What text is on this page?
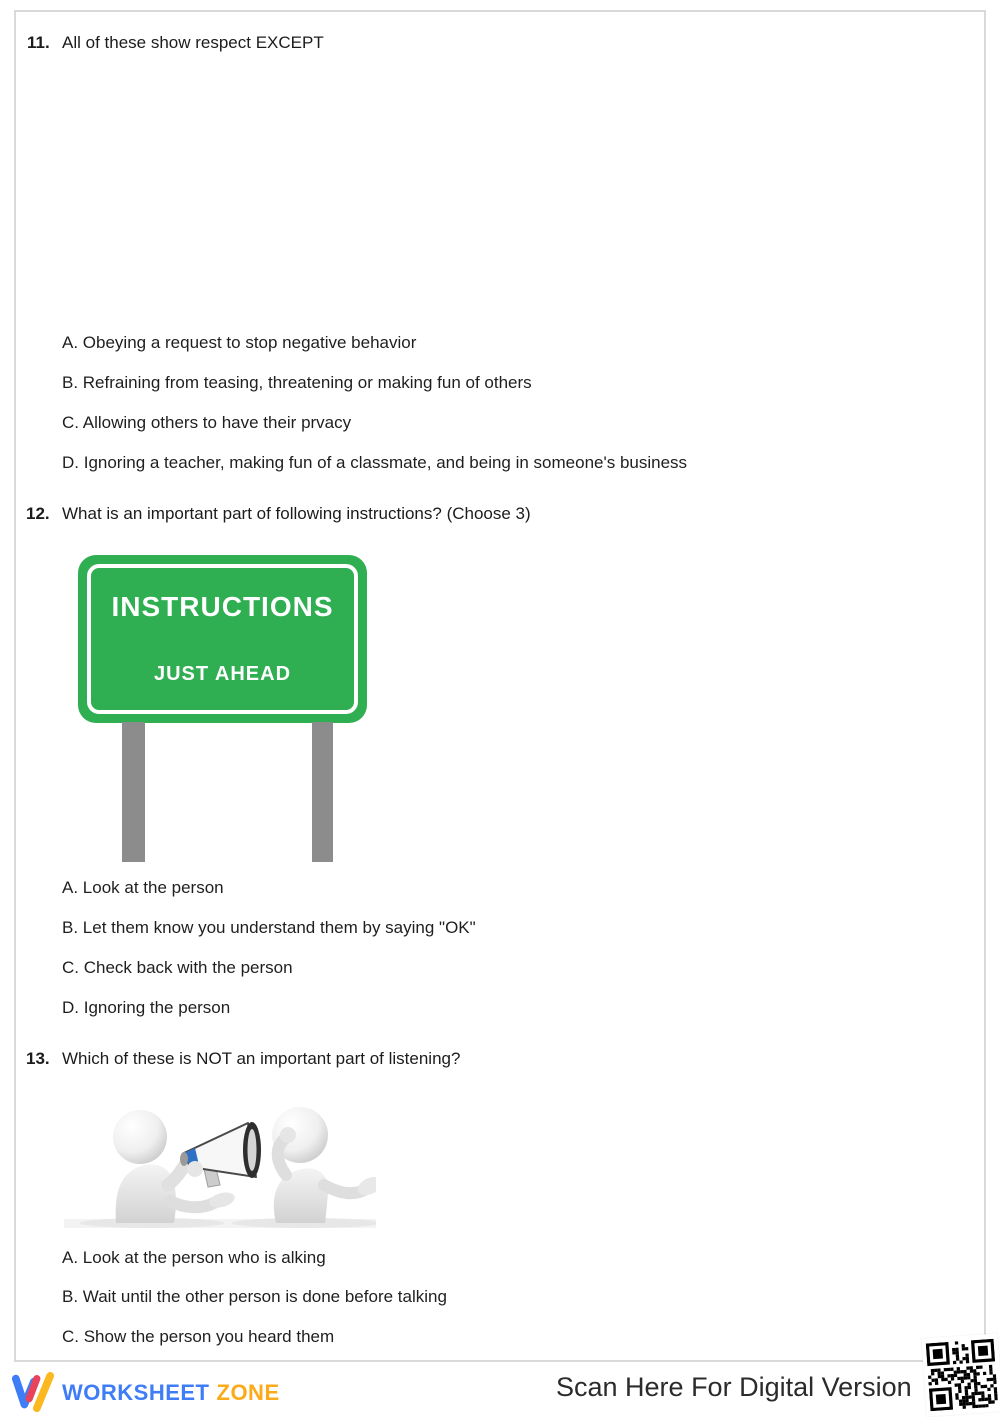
11. All of these show respect EXCEPT
A. Obeying a request to stop negative behavior
B. Refraining from teasing, threatening or making fun of others
C. Allowing others to have their prvacy
D. Ignoring a teacher, making fun of a classmate, and being in someone's business
12. What is an important part of following instructions? (Choose 3)
INSTRUCTIONS
JUST AHEAD
A. Look at the person
B. Let them know you understand them by saying "OK"
C. Check back with the person
D. Ignoring the person
13. Which of these is NOT an important part of listening?
A. Look at the person who is alking
B. Wait until the other person is done before talking
C. Show the person you heard them
WORKSHEET ZONE	Scan Here For Digital Version
